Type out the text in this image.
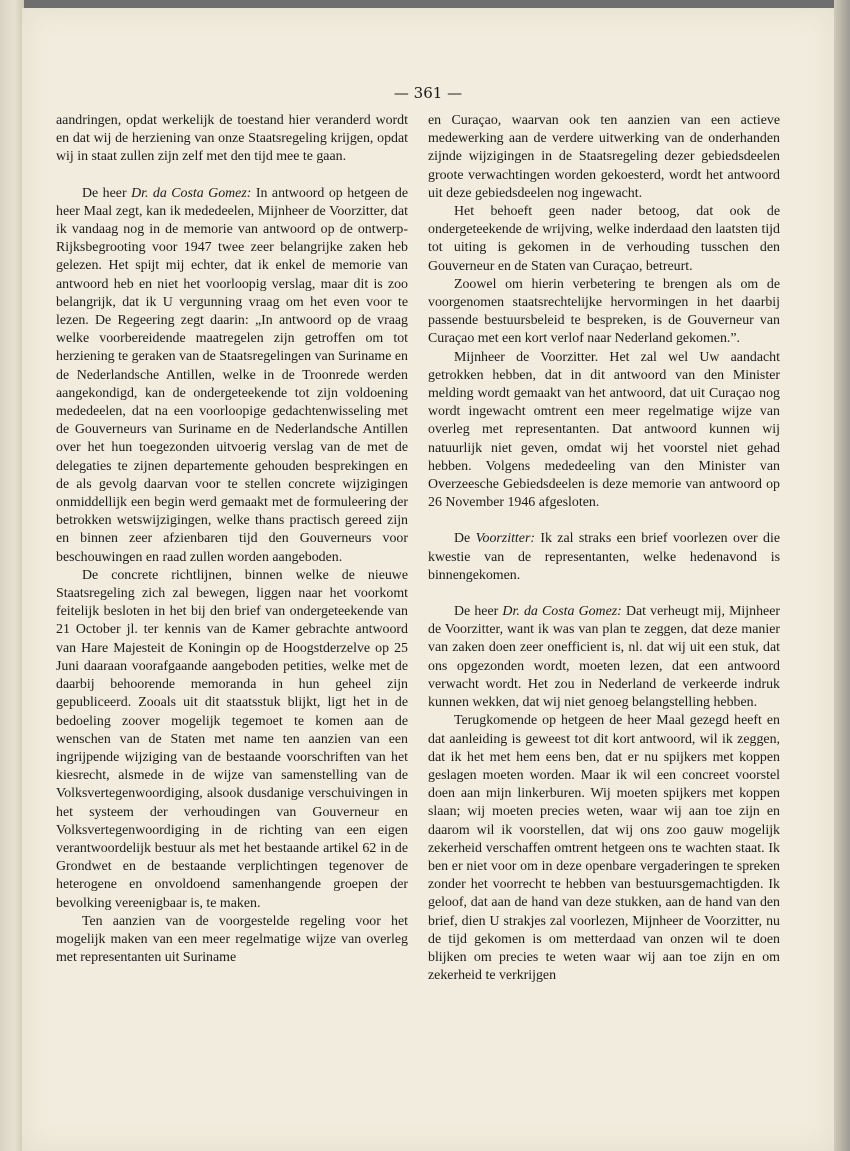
— 361 —

aandringen, opdat werkelijk de toestand hier veranderd wordt en dat wij de herziening van onze Staatsregeling krijgen, opdat wij in staat zullen zijn zelf met den tijd mee te gaan.

De heer Dr. da Costa Gomez: In antwoord op hetgeen de heer Maal zegt, kan ik mededeelen, Mijnheer de Voorzitter, dat ik vandaag nog in de memorie van antwoord op de ontwerp-Rijksbegrooting voor 1947 twee zeer belangrijke zaken heb gelezen. Het spijt mij echter, dat ik enkel de memorie van antwoord heb en niet het voorloopig verslag, maar dit is zoo belangrijk, dat ik U vergunning vraag om het even voor te lezen. De Regeering zegt daarin: „In antwoord op de vraag welke voorbereidende maatregelen zijn getroffen om tot herziening te geraken van de Staatsregelingen van Suriname en de Nederlandsche Antillen, welke in de Troonrede werden aangekondigd, kan de ondergeteekende tot zijn voldoening mededeelen, dat na een voorloopige gedachtenwisseling met de Gouverneurs van Suriname en de Nederlandsche Antillen over het hun toegezonden uitvoerig verslag van de met de delegaties te zijnen departemente gehouden besprekingen en de als gevolg daarvan voor te stellen concrete wijzigingen onmiddellijk een begin werd gemaakt met de formuleering der betrokken wetswijzigingen, welke thans practisch gereed zijn en binnen zeer afzienbaren tijd den Gouverneurs voor beschouwingen en raad zullen worden aangeboden.

De concrete richtlijnen, binnen welke de nieuwe Staatsregeling zich zal bewegen, liggen naar het voorkomt feitelijk besloten in het bij den brief van ondergeteekende van 21 October jl. ter kennis van de Kamer gebrachte antwoord van Hare Majesteit de Koningin op de Hoogstderzelve op 25 Juni daaraan voorafgaande aangeboden petities, welke met de daarbij behoorende memoranda in hun geheel zijn gepubliceerd. Zooals uit dit staatsstuk blijkt, ligt het in de bedoeling zoover mogelijk tegemoet te komen aan de wenschen van de Staten met name ten aanzien van een ingrijpende wijziging van de bestaande voorschriften van het kiesrecht, alsmede in de wijze van samenstelling van de Volksvertegenwoordiging, alsook dusdanige verschuivingen in het systeem der verhoudingen van Gouverneur en Volksvertegenwoordiging in de richting van een eigen verantwoordelijk bestuur als met het bestaande artikel 62 in de Grondwet en de bestaande verplichtingen tegenover de heterogene en onvoldoend samenhangende groepen der bevolking vereenigbaar is, te maken.

Ten aanzien van de voorgestelde regeling voor het mogelijk maken van een meer regelmatige wijze van overleg met representanten uit Suriname

en Curaçao, waarvan ook ten aanzien van een actieve medewerking aan de verdere uitwerking van de onderhanden zijnde wijzigingen in de Staatsregeling dezer gebiedsdeelen groote verwachtingen worden gekoesterd, wordt het antwoord uit deze gebiedsdeelen nog ingewacht.

Het behoeft geen nader betoog, dat ook de ondergeteekende de wrijving, welke inderdaad den laatsten tijd tot uiting is gekomen in de verhouding tusschen den Gouverneur en de Staten van Curaçao, betreurt.

Zoowel om hierin verbetering te brengen als om de voorgenomen staatsrechtelijke hervormingen in het daarbij passende bestuursbeleid te bespreken, is de Gouverneur van Curaçao met een kort verlof naar Nederland gekomen.”.

Mijnheer de Voorzitter. Het zal wel Uw aandacht getrokken hebben, dat in dit antwoord van den Minister melding wordt gemaakt van het antwoord, dat uit Curaçao nog wordt ingewacht omtrent een meer regelmatige wijze van overleg met representanten. Dat antwoord kunnen wij natuurlijk niet geven, omdat wij het voorstel niet gehad hebben. Volgens mededeeling van den Minister van Overzeesche Gebiedsdeelen is deze memorie van antwoord op 26 November 1946 afgesloten.

De Voorzitter: Ik zal straks een brief voorlezen over die kwestie van de representanten, welke hedenavond is binnengekomen.

De heer Dr. da Costa Gomez: Dat verheugt mij, Mijnheer de Voorzitter, want ik was van plan te zeggen, dat deze manier van zaken doen zeer onefficient is, nl. dat wij uit een stuk, dat ons opgezonden wordt, moeten lezen, dat een antwoord verwacht wordt. Het zou in Nederland de verkeerde indruk kunnen wekken, dat wij niet genoeg belangstelling hebben.

Terugkomende op hetgeen de heer Maal gezegd heeft en dat aanleiding is geweest tot dit kort antwoord, wil ik zeggen, dat ik het met hem eens ben, dat er nu spijkers met koppen geslagen moeten worden. Maar ik wil een concreet voorstel doen aan mijn linkerburen. Wij moeten spijkers met koppen slaan; wij moeten precies weten, waar wij aan toe zijn en daarom wil ik voorstellen, dat wij ons zoo gauw mogelijk zekerheid verschaffen omtrent hetgeen ons te wachten staat. Ik ben er niet voor om in deze openbare vergaderingen te spreken zonder het voorrecht te hebben van bestuursgemachtigden. Ik geloof, dat aan de hand van deze stukken, aan de hand van den brief, dien U strakjes zal voorlezen, Mijnheer de Voorzitter, nu de tijd gekomen is om metterdaad van onzen wil te doen blijken om precies te weten waar wij aan toe zijn en om zekerheid te verkrijgen
